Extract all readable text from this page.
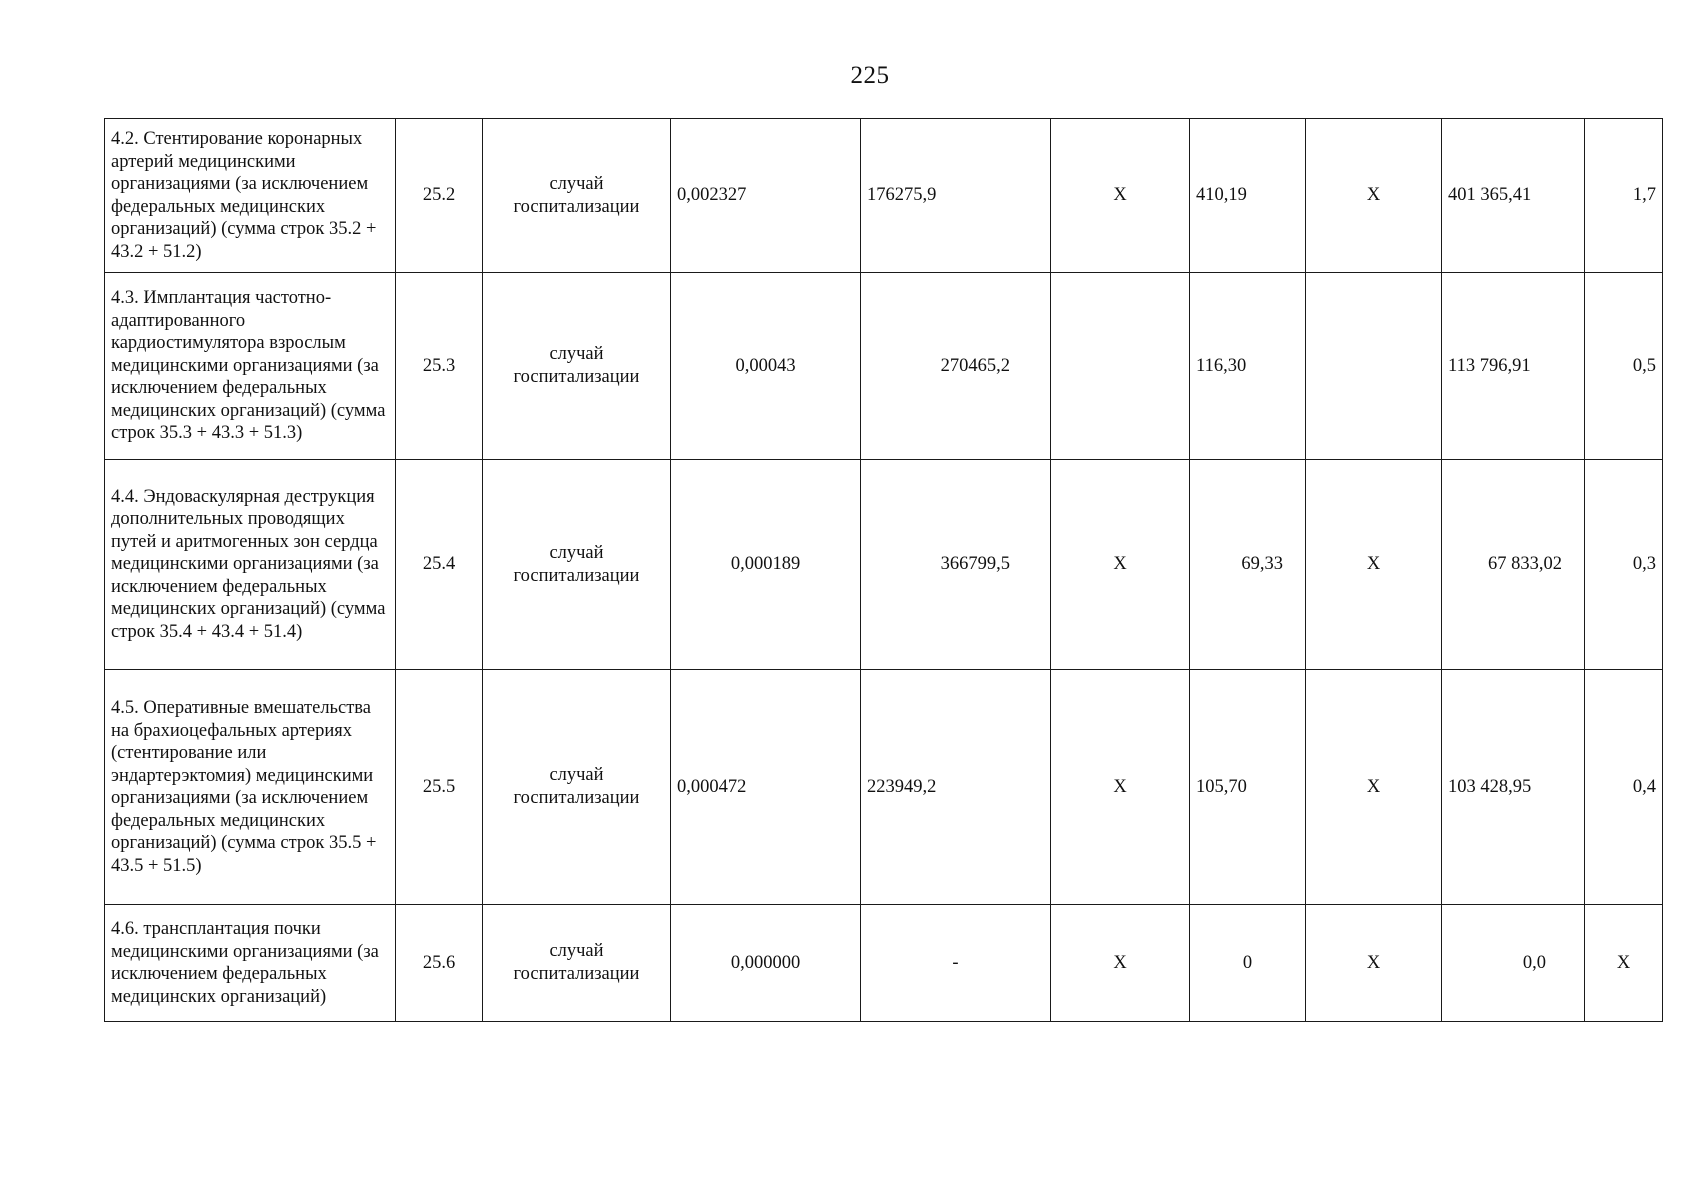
225
4.2. Стентирование коронарных артерий медицинскими организациями (за исключением федеральных медицинских организаций) (сумма строк 35.2 + 43.2 + 51.2)	25.2	случай госпитализации	0,002327	176275,9	X	410,19	X	401 365,41	1,7
4.3. Имплантация частотно-адаптированного кардиостимулятора взрослым медицинскими организациями (за исключением федеральных медицинских организаций) (сумма строк 35.3 + 43.3 + 51.3)	25.3	случай госпитализации	0,00043	270465,2		116,30		113 796,91	0,5
4.4. Эндоваскулярная деструкция дополнительных проводящих путей и аритмогенных зон сердца медицинскими организациями (за исключением федеральных медицинских организаций) (сумма строк 35.4 + 43.4 + 51.4)	25.4	случай госпитализации	0,000189	366799,5	X	69,33	X	67 833,02	0,3
4.5. Оперативные вмешательства на брахиоцефальных артериях (стентирование или эндартерэктомия) медицинскими организациями (за исключением федеральных медицинских организаций) (сумма строк 35.5 + 43.5 + 51.5)	25.5	случай госпитализации	0,000472	223949,2	X	105,70	X	103 428,95	0,4
4.6. трансплантация почки медицинскими организациями (за исключением федеральных медицинских организаций)	25.6	случай госпитализации	0,000000	-	X	0	X	0,0	X
